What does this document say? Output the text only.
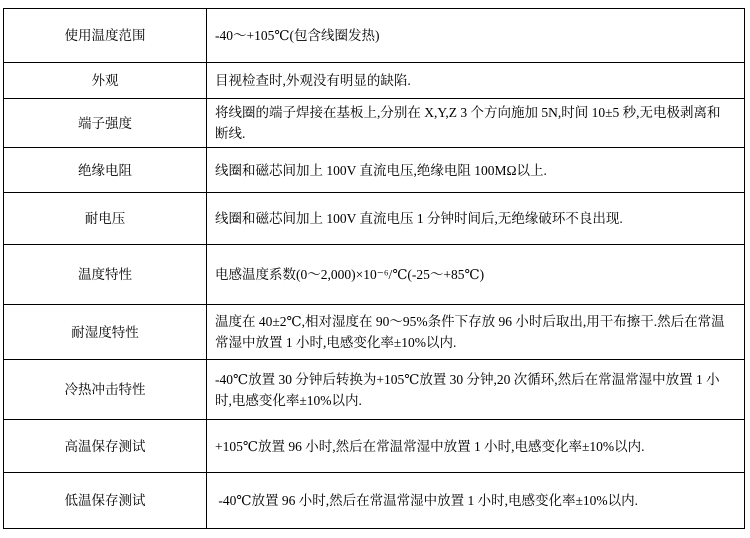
使用温度范围	-40～+105℃(包含线圈发热)
外观	目视检查时,外观没有明显的缺陷.
端子强度	将线圈的端子焊接在基板上,分别在 X,Y,Z 3 个方向施加 5N,时间 10±5 秒,无电极剥离和断线.
绝缘电阻	线圈和磁芯间加上 100V 直流电压,绝缘电阻 100MΩ以上.
耐电压	线圈和磁芯间加上 100V 直流电压 1 分钟时间后,无绝缘破环不良出现.
温度特性	电感温度系数(0～2,000)×10⁻⁶/℃(-25～+85℃)
耐湿度特性	温度在 40±2℃,相对湿度在 90～95%条件下存放 96 小时后取出,用干布擦干.然后在常温常湿中放置 1 小时,电感变化率±10%以内.
冷热冲击特性	-40℃放置 30 分钟后转换为+105℃放置 30 分钟,20 次循环,然后在常温常湿中放置 1 小时,电感变化率±10%以内.
高温保存测试	+105℃放置 96 小时,然后在常温常湿中放置 1 小时,电感变化率±10%以内.
低温保存测试	-40℃放置 96 小时,然后在常温常湿中放置 1 小时,电感变化率±10%以内.
